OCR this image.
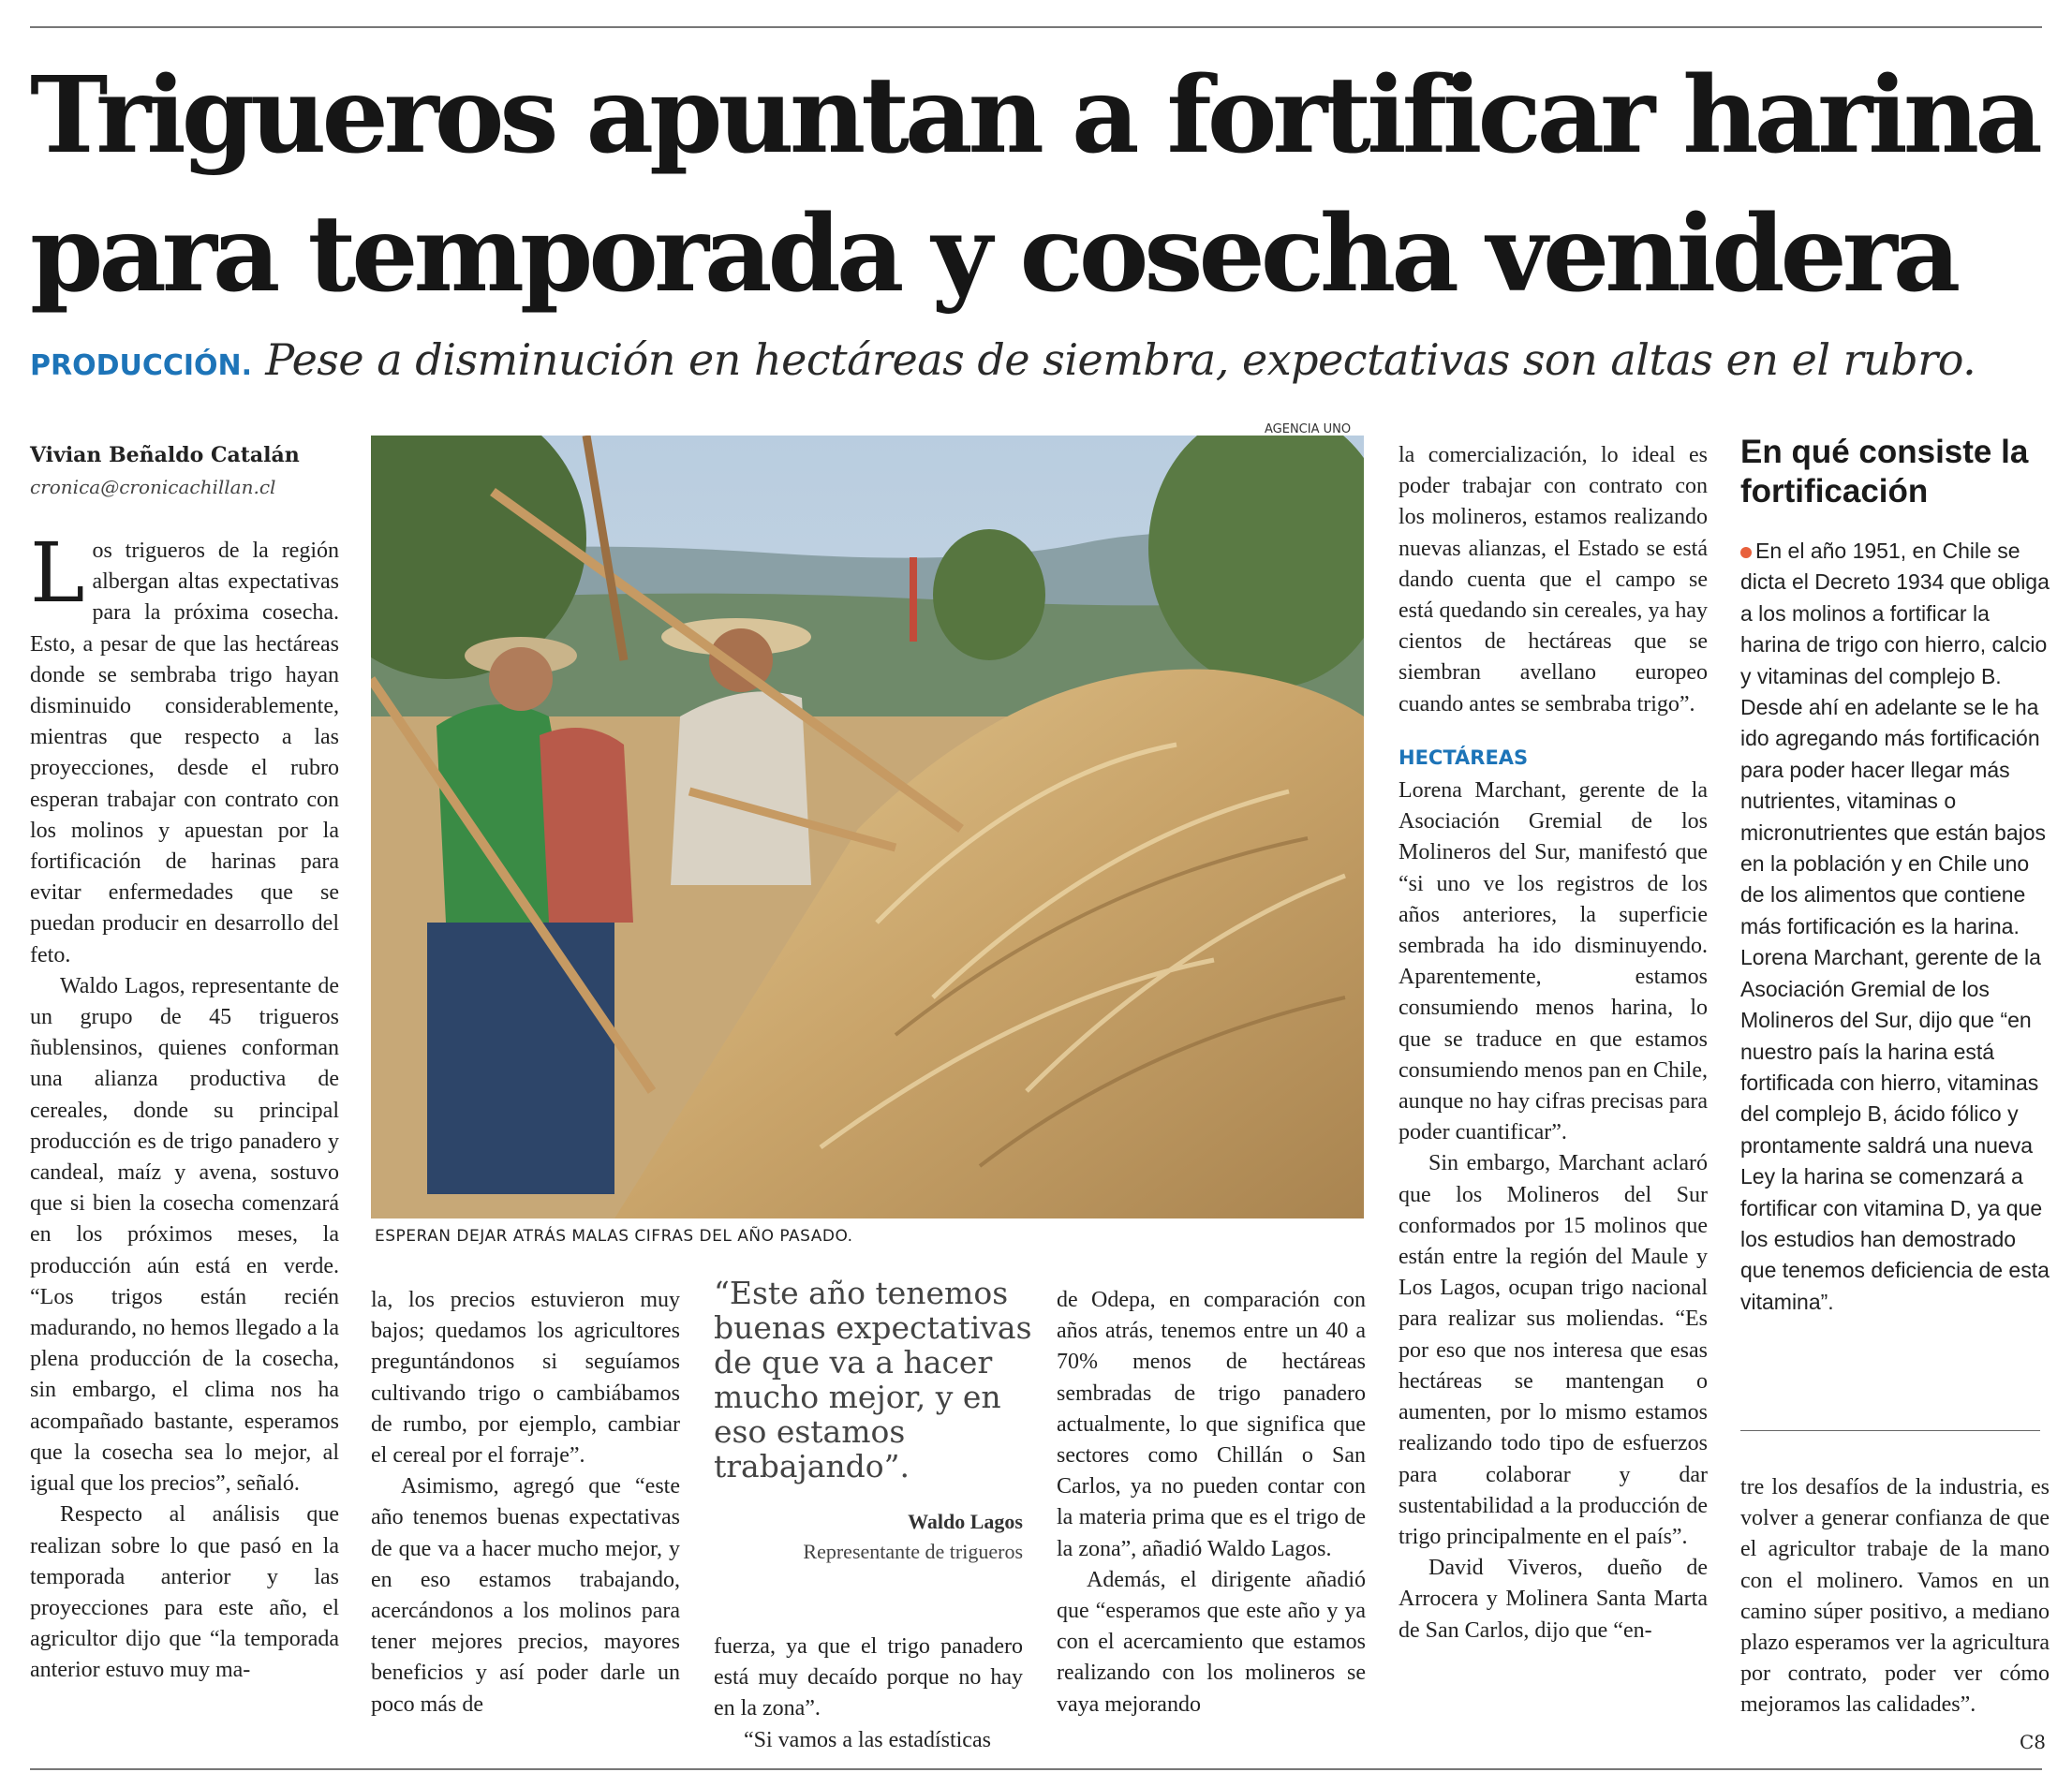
Trigueros apuntan a fortificar harina para temporada y cosecha venidera
PRODUCCIÓN. Pese a disminución en hectáreas de siembra, expectativas son altas en el rubro.
Vivian Beñaldo Catalán
cronica@cronicachillan.cl

Los trigueros de la región albergan altas expectativas para la próxima cosecha. Esto, a pesar de que las hectáreas donde se sembraba trigo hayan disminuido considerablemente, mientras que respecto a las proyecciones, desde el rubro esperan trabajar con contrato con los molinos y apuestan por la fortificación de harinas para evitar enfermedades que se puedan producir en desarrollo del feto.

Waldo Lagos, representante de un grupo de 45 trigueros ñublensinos, quienes conforman una alianza productiva de cereales, donde su principal producción es de trigo panadero y candeal, maíz y avena, sostuvo que si bien la cosecha comenzará en los próximos meses, la producción aún está en verde. “Los trigos están recién madurando, no hemos llegado a la plena producción de la cosecha, sin embargo, el clima nos ha acompañado bastante, esperamos que la cosecha sea lo mejor, al igual que los precios”, señaló.

Respecto al análisis que realizan sobre lo que pasó en la temporada anterior y las proyecciones para este año, el agricultor dijo que “la temporada anterior estuvo muy ma-

AGENCIA UNO
ESPERAN DEJAR ATRÁS MALAS CIFRAS DEL AÑO PASADO.

la, los precios estuvieron muy bajos; quedamos los agricultores preguntándonos si seguíamos cultivando trigo o cambiábamos de rumbo, por ejemplo, cambiar el cereal por el forraje”.

Asimismo, agregó que “este año tenemos buenas expectativas de que va a hacer mucho mejor, y en eso estamos trabajando, acercándonos a los molinos para tener mejores precios, mayores beneficios y así poder darle un poco más de

“Este año tenemos buenas expectativas de que va a hacer mucho mejor, y en eso estamos trabajando”.
Waldo Lagos
Representante de trigueros

fuerza, ya que el trigo panadero está muy decaído porque no hay en la zona”.

“Si vamos a las estadísticas

de Odepa, en comparación con años atrás, tenemos entre un 40 a 70% menos de hectáreas sembradas de trigo panadero actualmente, lo que significa que sectores como Chillán o San Carlos, ya no pueden contar con la materia prima que es el trigo de la zona”, añadió Waldo Lagos.

Además, el dirigente añadió que “esperamos que este año y ya con el acercamiento que estamos realizando con los molineros se vaya mejorando

la comercialización, lo ideal es poder trabajar con contrato con los molineros, estamos realizando nuevas alianzas, el Estado se está dando cuenta que el campo se está quedando sin cereales, ya hay cientos de hectáreas que se siembran avellano europeo cuando antes se sembraba trigo”.

HECTÁREAS

Lorena Marchant, gerente de la Asociación Gremial de los Molineros del Sur, manifestó que “si uno ve los registros de los años anteriores, la superficie sembrada ha ido disminuyendo. Aparentemente, estamos consumiendo menos harina, lo que se traduce en que estamos consumiendo menos pan en Chile, aunque no hay cifras precisas para poder cuantificar”.

Sin embargo, Marchant aclaró que los Molineros del Sur conformados por 15 molinos que están entre la región del Maule y Los Lagos, ocupan trigo nacional para realizar sus moliendas. “Es por eso que nos interesa que esas hectáreas se mantengan o aumenten, por lo mismo estamos realizando todo tipo de esfuerzos para colaborar y dar sustentabilidad a la producción de trigo principalmente en el país”.

David Viveros, dueño de Arrocera y Molinera Santa Marta de San Carlos, dijo que “en-

En qué consiste la fortificación
En el año 1951, en Chile se dicta el Decreto 1934 que obliga a los molinos a fortificar la harina de trigo con hierro, calcio y vitaminas del complejo B. Desde ahí en adelante se le ha ido agregando más fortificación para poder hacer llegar más nutrientes, vitaminas o micronutrientes que están bajos en la población y en Chile uno de los alimentos que contiene más fortificación es la harina.
Lorena Marchant, gerente de la Asociación Gremial de los Molineros del Sur, dijo que “en nuestro país la harina está fortificada con hierro, vitaminas del complejo B, ácido fólico y prontamente saldrá una nueva Ley la harina se comenzará a fortificar con vitamina D, ya que los estudios han demostrado que tenemos deficiencia de esta vitamina”.

tre los desafíos de la industria, es volver a generar confianza de que el agricultor trabaje de la mano con el molinero. Vamos en un camino súper positivo, a mediano plazo esperamos ver la agricultura por contrato, poder ver cómo mejoramos las calidades”.

C8
